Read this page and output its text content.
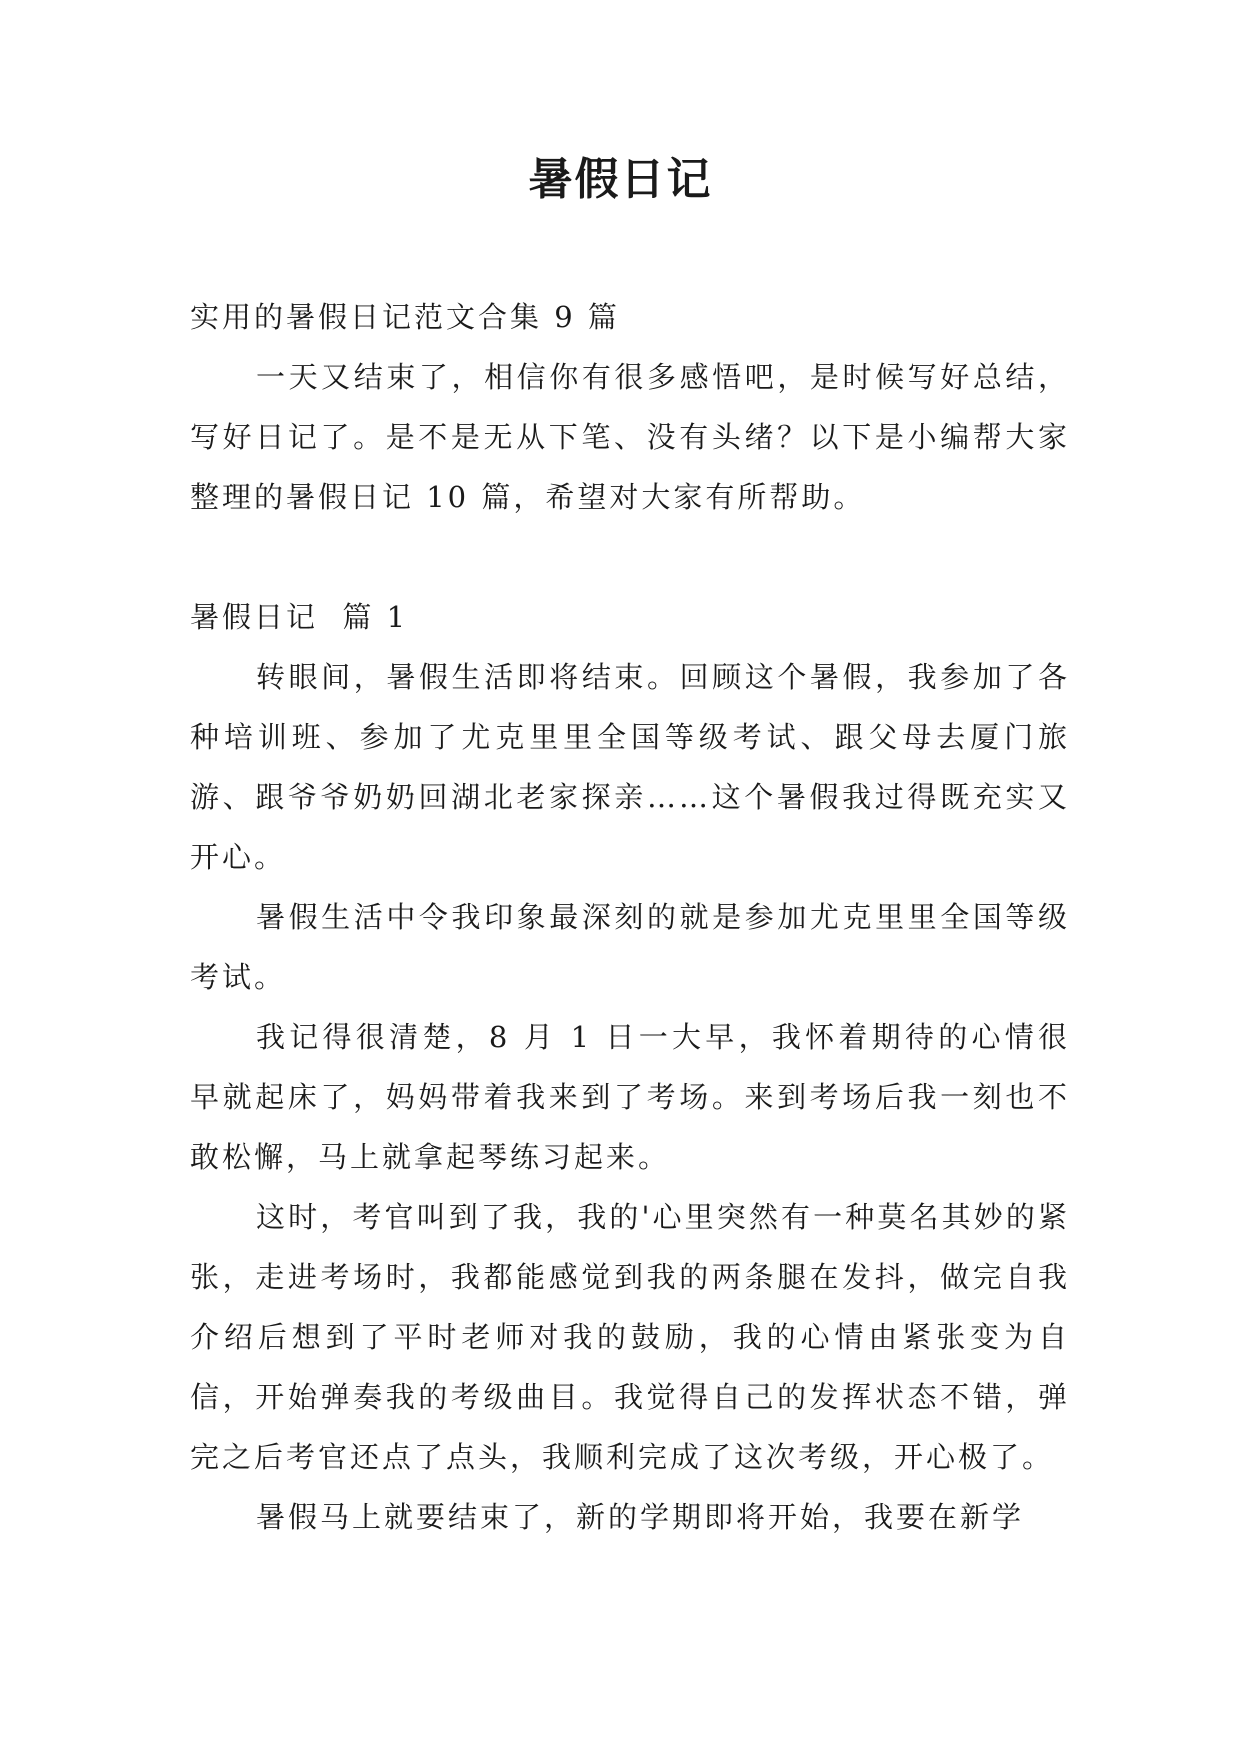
暑假日记

实用的暑假日记范文合集 9 篇

一天又结束了，相信你有很多感悟吧，是时候写好总结，写好日记了。是不是无从下笔、没有头绪？以下是小编帮大家整理的暑假日记 10 篇，希望对大家有所帮助。

暑假日记  篇 1

转眼间，暑假生活即将结束。回顾这个暑假，我参加了各种培训班、参加了尤克里里全国等级考试、跟父母去厦门旅游、跟爷爷奶奶回湖北老家探亲……这个暑假我过得既充实又开心。

暑假生活中令我印象最深刻的就是参加尤克里里全国等级考试。

我记得很清楚，8 月 1 日一大早，我怀着期待的心情很早就起床了，妈妈带着我来到了考场。来到考场后我一刻也不敢松懈，马上就拿起琴练习起来。

这时，考官叫到了我，我的'心里突然有一种莫名其妙的紧张，走进考场时，我都能感觉到我的两条腿在发抖，做完自我介绍后想到了平时老师对我的鼓励，我的心情由紧张变为自信，开始弹奏我的考级曲目。我觉得自己的发挥状态不错，弹完之后考官还点了点头，我顺利完成了这次考级，开心极了。

暑假马上就要结束了，新的学期即将开始，我要在新学
